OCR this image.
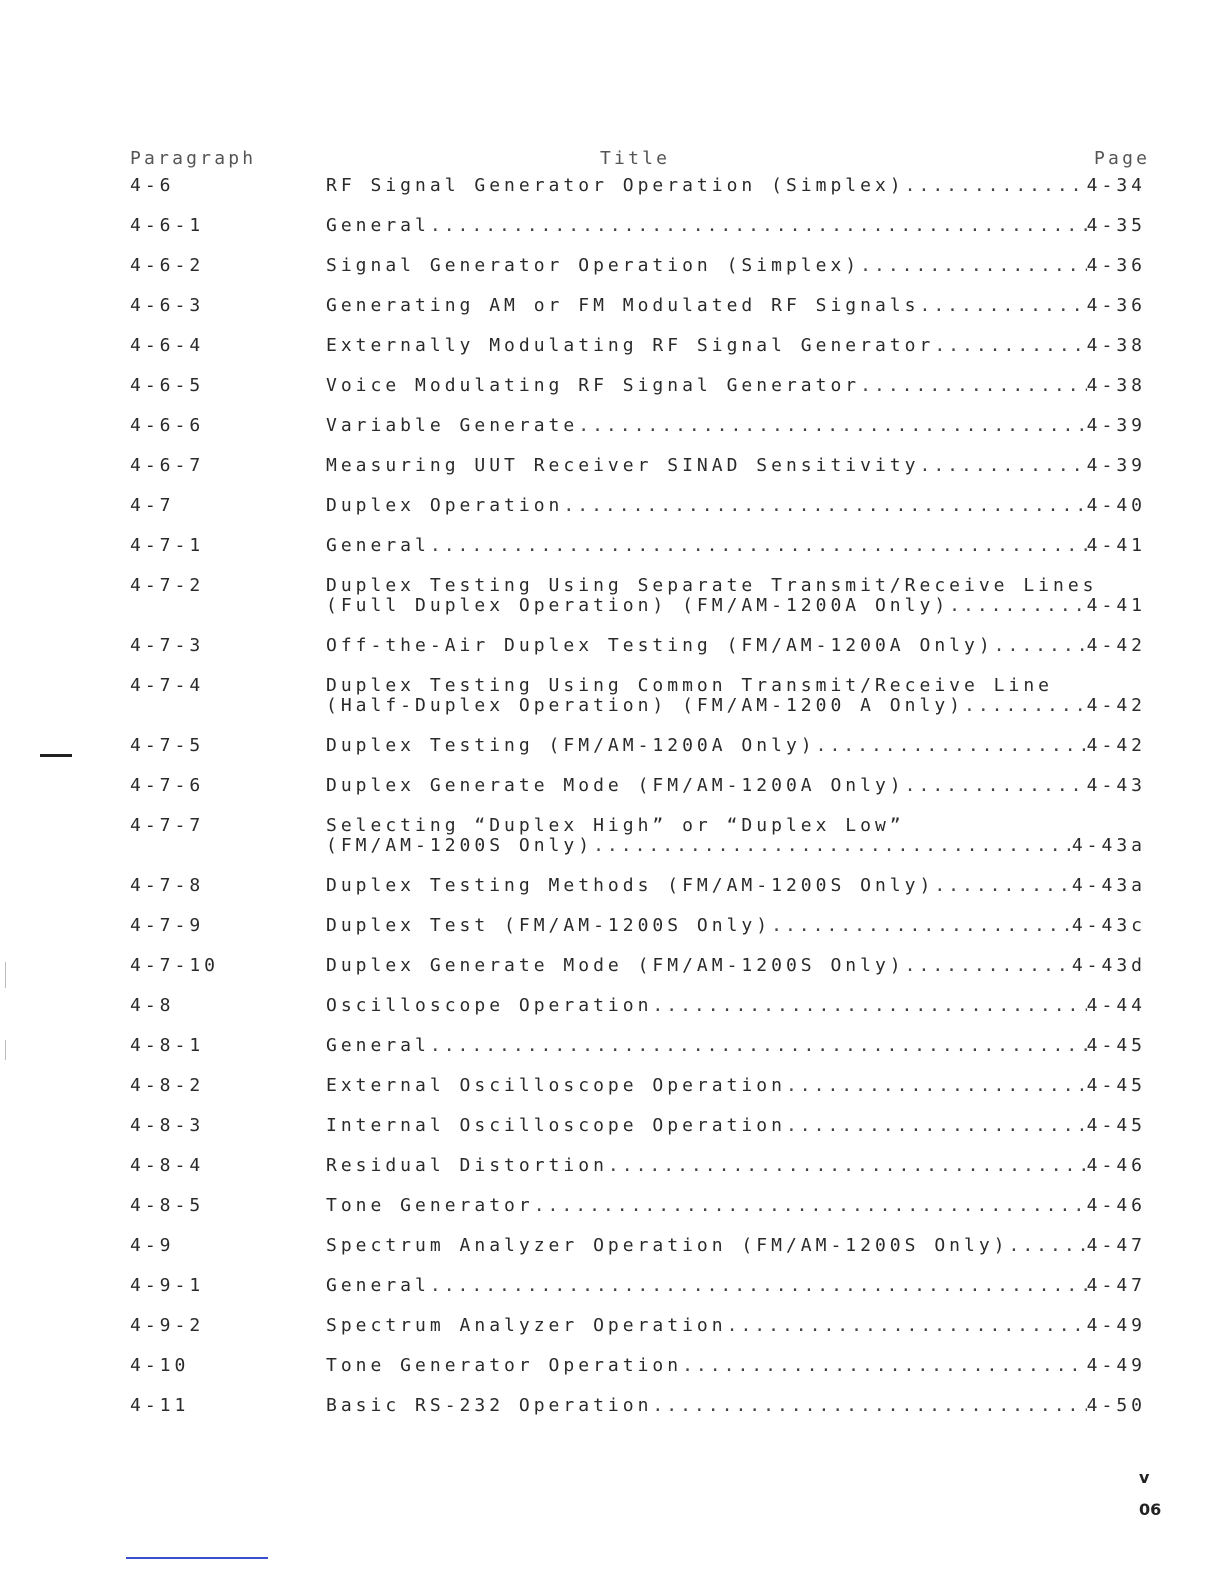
Paragraph	Title	Page
4-6	RF Signal Generator Operation (Simplex) .....	4-34
4-6-1	General .....	4-35
4-6-2	Signal Generator Operation (Simplex) .....	4-36
4-6-3	Generating AM or FM Modulated RF Signals .....	4-36
4-6-4	Externally Modulating RF Signal Generator .....	4-38
4-6-5	Voice Modulating RF Signal Generator .....	4-38
4-6-6	Variable Generate .....	4-39
4-6-7	Measuring UUT Receiver SINAD Sensitivity .....	4-39
4-7	Duplex Operation .....	4-40
4-7-1	General .....	4-41
4-7-2	Duplex Testing Using Separate Transmit/Receive Lines
(Full Duplex Operation) (FM/AM-1200A Only) .....	4-41
4-7-3	Off-the-Air Duplex Testing (FM/AM-1200A Only) .....	4-42
4-7-4	Duplex Testing Using Common Transmit/Receive Line
(Half-Duplex Operation) (FM/AM-1200 A Only) .....	4-42
4-7-5	Duplex Testing (FM/AM-1200A Only) .....	4-42
4-7-6	Duplex Generate Mode (FM/AM-1200A Only) .....	4-43
4-7-7	Selecting “Duplex High” or “Duplex Low”
(FM/AM-1200S Only) .....	4-43a
4-7-8	Duplex Testing Methods (FM/AM-1200S Only) .....	4-43a
4-7-9	Duplex Test (FM/AM-1200S Only) .....	4-43c
4-7-10	Duplex Generate Mode (FM/AM-1200S Only) .....	4-43d
4-8	Oscilloscope Operation .....	4-44
4-8-1	General .....	4-45
4-8-2	External Oscilloscope Operation .....	4-45
4-8-3	Internal Oscilloscope Operation .....	4-45
4-8-4	Residual Distortion .....	4-46
4-8-5	Tone Generator .....	4-46
4-9	Spectrum Analyzer Operation (FM/AM-1200S Only) .....	4-47
4-9-1	General .....	4-47
4-9-2	Spectrum Analyzer Operation .....	4-49
4-10	Tone Generator Operation .....	4-49
4-11	Basic RS-232 Operation .....	4-50
v
06
